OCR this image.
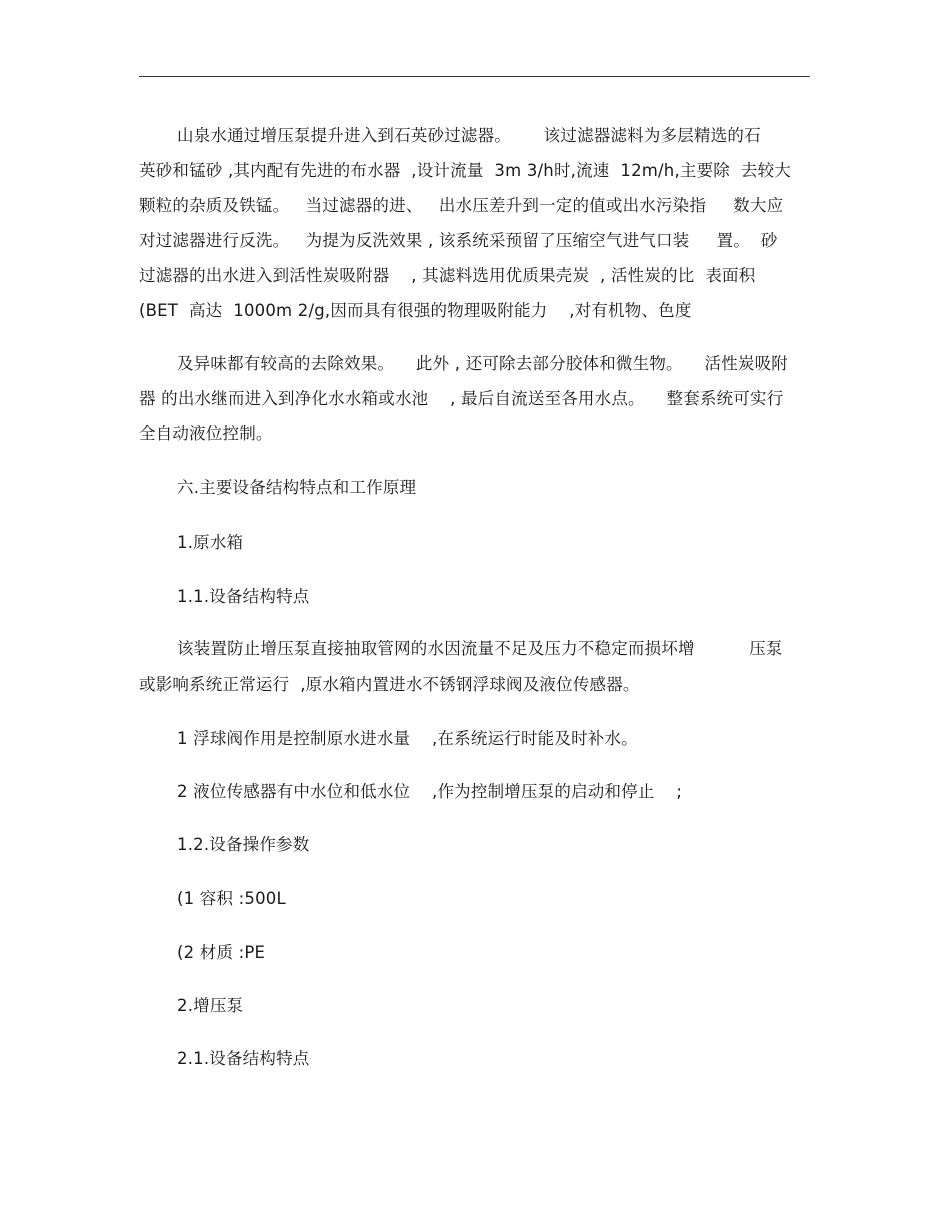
山泉水通过增压泵提升进入到石英砂过滤器。      该过滤器滤料为多层精选的石
英砂和锰砂 ,其内配有先进的布水器  ,设计流量  3m 3/h时,流速  12m/h,主要除  去较大
颗粒的杂质及铁锰。   当过滤器的进、   出水压差升到一定的值或出水污染指     数大应
对过滤器进行反洗。   为提为反洗效果 , 该系统采预留了压缩空气进气口装     置。  砂
过滤器的出水进入到活性炭吸附器    , 其滤料选用优质果壳炭  , 活性炭的比  表面积
(BET  高达  1000m 2/g,因而具有很强的物理吸附能力    ,对有机物、色度
及异味都有较高的去除效果。    此外 , 还可除去部分胶体和微生物。    活性炭吸附
器 的出水继而进入到净化水水箱或水池    , 最后自流送至各用水点。    整套系统可实行
全自动液位控制。
六.主要设备结构特点和工作原理
1.原水箱
1.1.设备结构特点
该装置防止增压泵直接抽取管网的水因流量不足及压力不稳定而损坏增          压泵
或影响系统正常运行  ,原水箱内置进水不锈钢浮球阀及液位传感器。
1 浮球阀作用是控制原水进水量    ,在系统运行时能及时补水。
2 液位传感器有中水位和低水位    ,作为控制增压泵的启动和停止    ;
1.2.设备操作参数
(1 容积 :500L
(2 材质 :PE
2.增压泵
2.1.设备结构特点
